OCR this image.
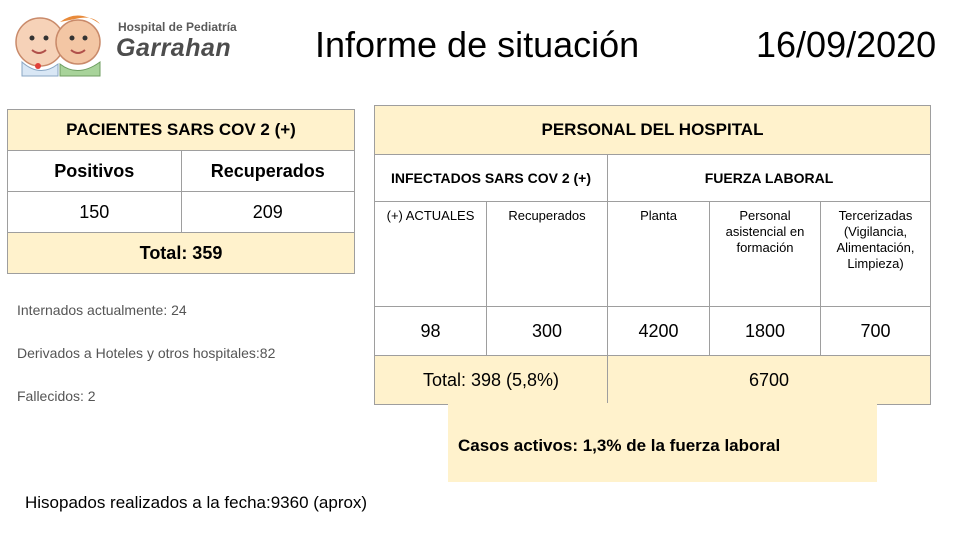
Hospital de Pediatría
Garrahan Informe de situación	16/09/2020
PACIENTES SARS COV 2 (+)	
Positivos	Recuperados
150	209
Total: 359	
Internados actualmente: 24
Derivados a Hoteles y otros hospitales:82
Fallecidos: 2
PERSONAL DEL HOSPITAL				
INFECTADOS SARS COV 2 (+)		FUERZA LABORAL		
(+) ACTUALES	Recuperados	Planta	Personal
asistencial en
formación	Tercerizadas
(Vigilancia,
Alimentación,
Limpieza)
98	300	4200	1800	700
Total: 398 (5,8%)		6700		
Casos activos: 1,3% de la fuerza laboral
Hisopados realizados a la fecha:9360 (aprox)
